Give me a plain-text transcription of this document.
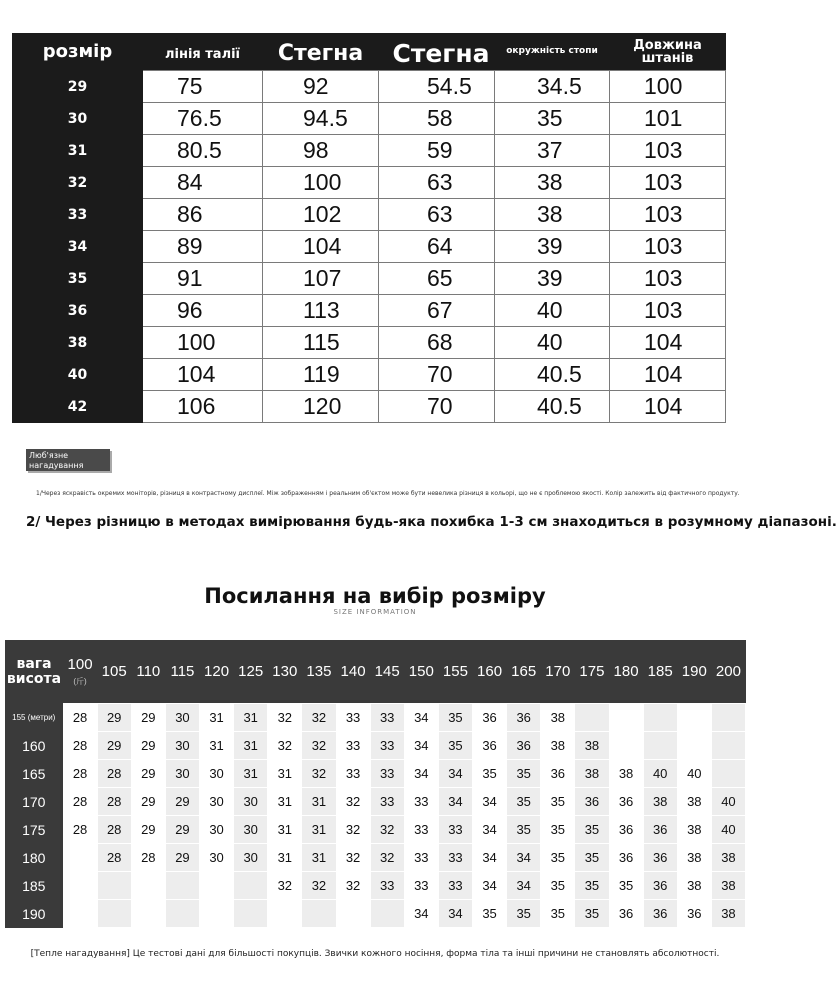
розмір	лінія талії	Стегна	Стегна	окружність стопи	Довжина штанів
29	75	92	54.5	34.5	100
30	76.5	94.5	58	35	101
31	80.5	98	59	37	103
32	84	100	63	38	103
33	86	102	63	38	103
34	89	104	64	39	103
35	91	107	65	39	103
36	96	113	67	40	103
38	100	115	68	40	104
40	104	119	70	40.5	104
42	106	120	70	40.5	104
Люб'язне нагадування
1/Через яскравість окремих моніторів, різниця в контрастному дисплеї. Між зображенням і реальним об'єктом може бути невелика різниця в кольорі, що не є проблемою якості. Колір залежить від фактичного продукту.
2/ Через різницю в методах вимірювання будь-яка похибка 1-3 см знаходиться в розумному діапазоні.
Посилання на вибір розміру
SIZE INFORMATION
вага
висота	100
(斤)	105	110	115	120	125	130	135	140	145	150	155	160	165	170	175	180	185	190	200
155 (метри)	28	29	29	30	31	31	32	32	33	33	34	35	36	36	38					
160	28	29	29	30	31	31	32	32	33	33	34	35	36	36	38	38				
165	28	28	29	30	30	31	31	32	33	33	34	34	35	35	36	38	38	40	40	
170	28	28	29	29	30	30	31	31	32	33	33	34	34	35	35	36	36	38	38	40
175	28	28	29	29	30	30	31	31	32	32	33	33	34	35	35	35	36	36	38	40
180		28	28	29	30	30	31	31	32	32	33	33	34	34	35	35	36	36	38	38
185							32	32	32	33	33	33	34	34	35	35	35	36	38	38
190											34	34	35	35	35	35	36	36	36	38
[Тепле нагадування] Це тестові дані для більшості покупців. Звички кожного носіння, форма тіла та інші причини не становлять абсолютності.
